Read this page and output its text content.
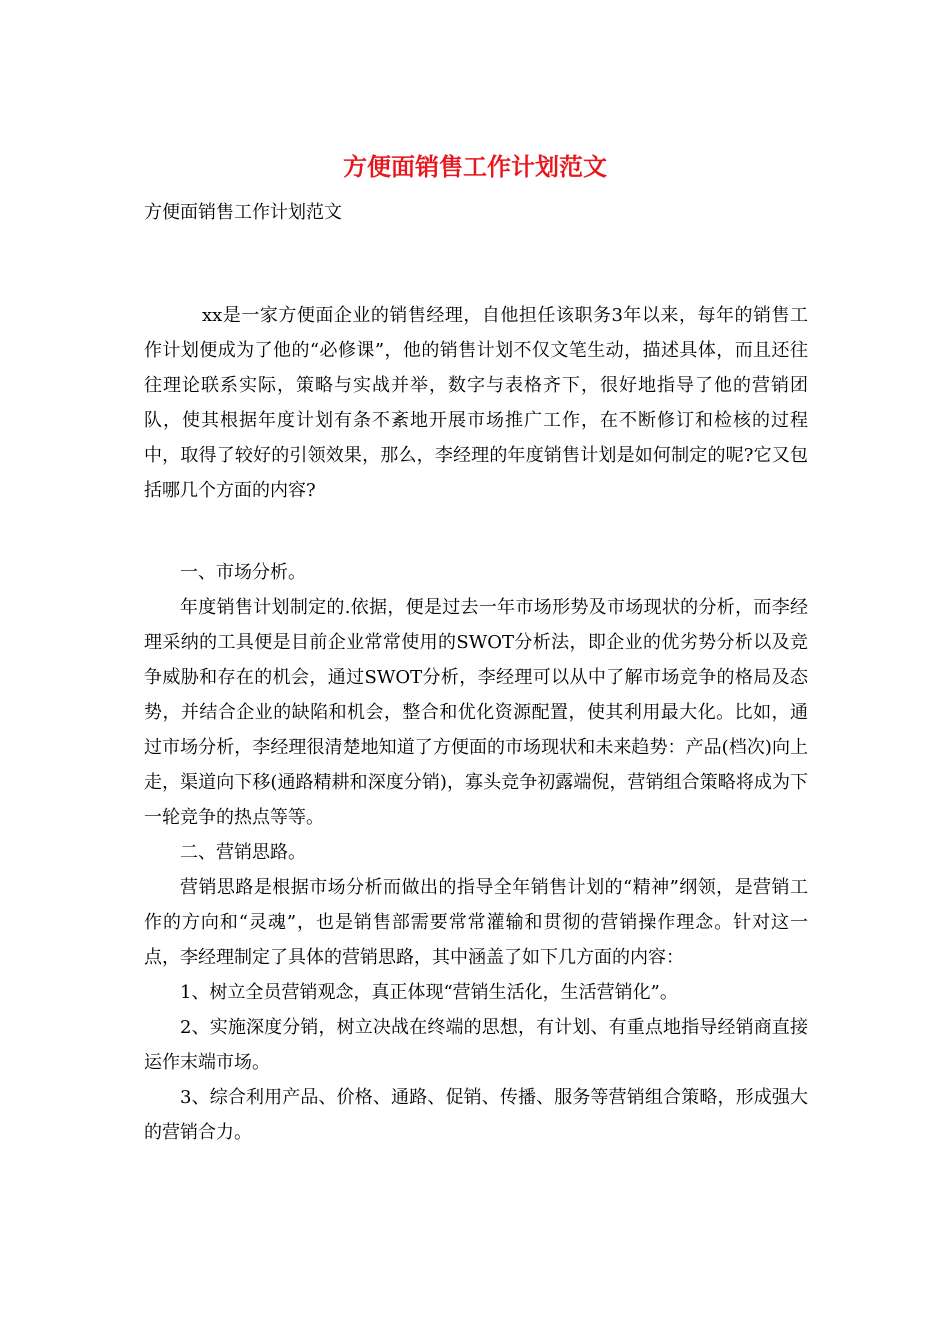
方便面销售工作计划范文

方便面销售工作计划范文

xx是一家方便面企业的销售经理，自他担任该职务3年以来，每年的销售工作计划便成为了他的“必修课”，他的销售计划不仅文笔生动，描述具体，而且还往往理论联系实际，策略与实战并举，数字与表格齐下，很好地指导了他的营销团队，使其根据年度计划有条不紊地开展市场推广工作，在不断修订和检核的过程中，取得了较好的引领效果，那么，李经理的年度销售计划是如何制定的呢?它又包括哪几个方面的内容?

一、市场分析。

年度销售计划制定的.依据，便是过去一年市场形势及市场现状的分析，而李经理采纳的工具便是目前企业常常使用的SWOT分析法，即企业的优劣势分析以及竞争威胁和存在的机会，通过SWOT分析，李经理可以从中了解市场竞争的格局及态势，并结合企业的缺陷和机会，整合和优化资源配置，使其利用最大化。比如，通过市场分析，李经理很清楚地知道了方便面的市场现状和未来趋势：产品(档次)向上走，渠道向下移(通路精耕和深度分销)，寡头竞争初露端倪，营销组合策略将成为下一轮竞争的热点等等。

二、营销思路。

营销思路是根据市场分析而做出的指导全年销售计划的“精神”纲领，是营销工作的方向和“灵魂”，也是销售部需要常常灌输和贯彻的营销操作理念。针对这一点，李经理制定了具体的营销思路，其中涵盖了如下几方面的内容：

1、树立全员营销观念，真正体现“营销生活化，生活营销化”。

2、实施深度分销，树立决战在终端的思想，有计划、有重点地指导经销商直接运作末端市场。

3、综合利用产品、价格、通路、促销、传播、服务等营销组合策略，形成强大的营销合力。
